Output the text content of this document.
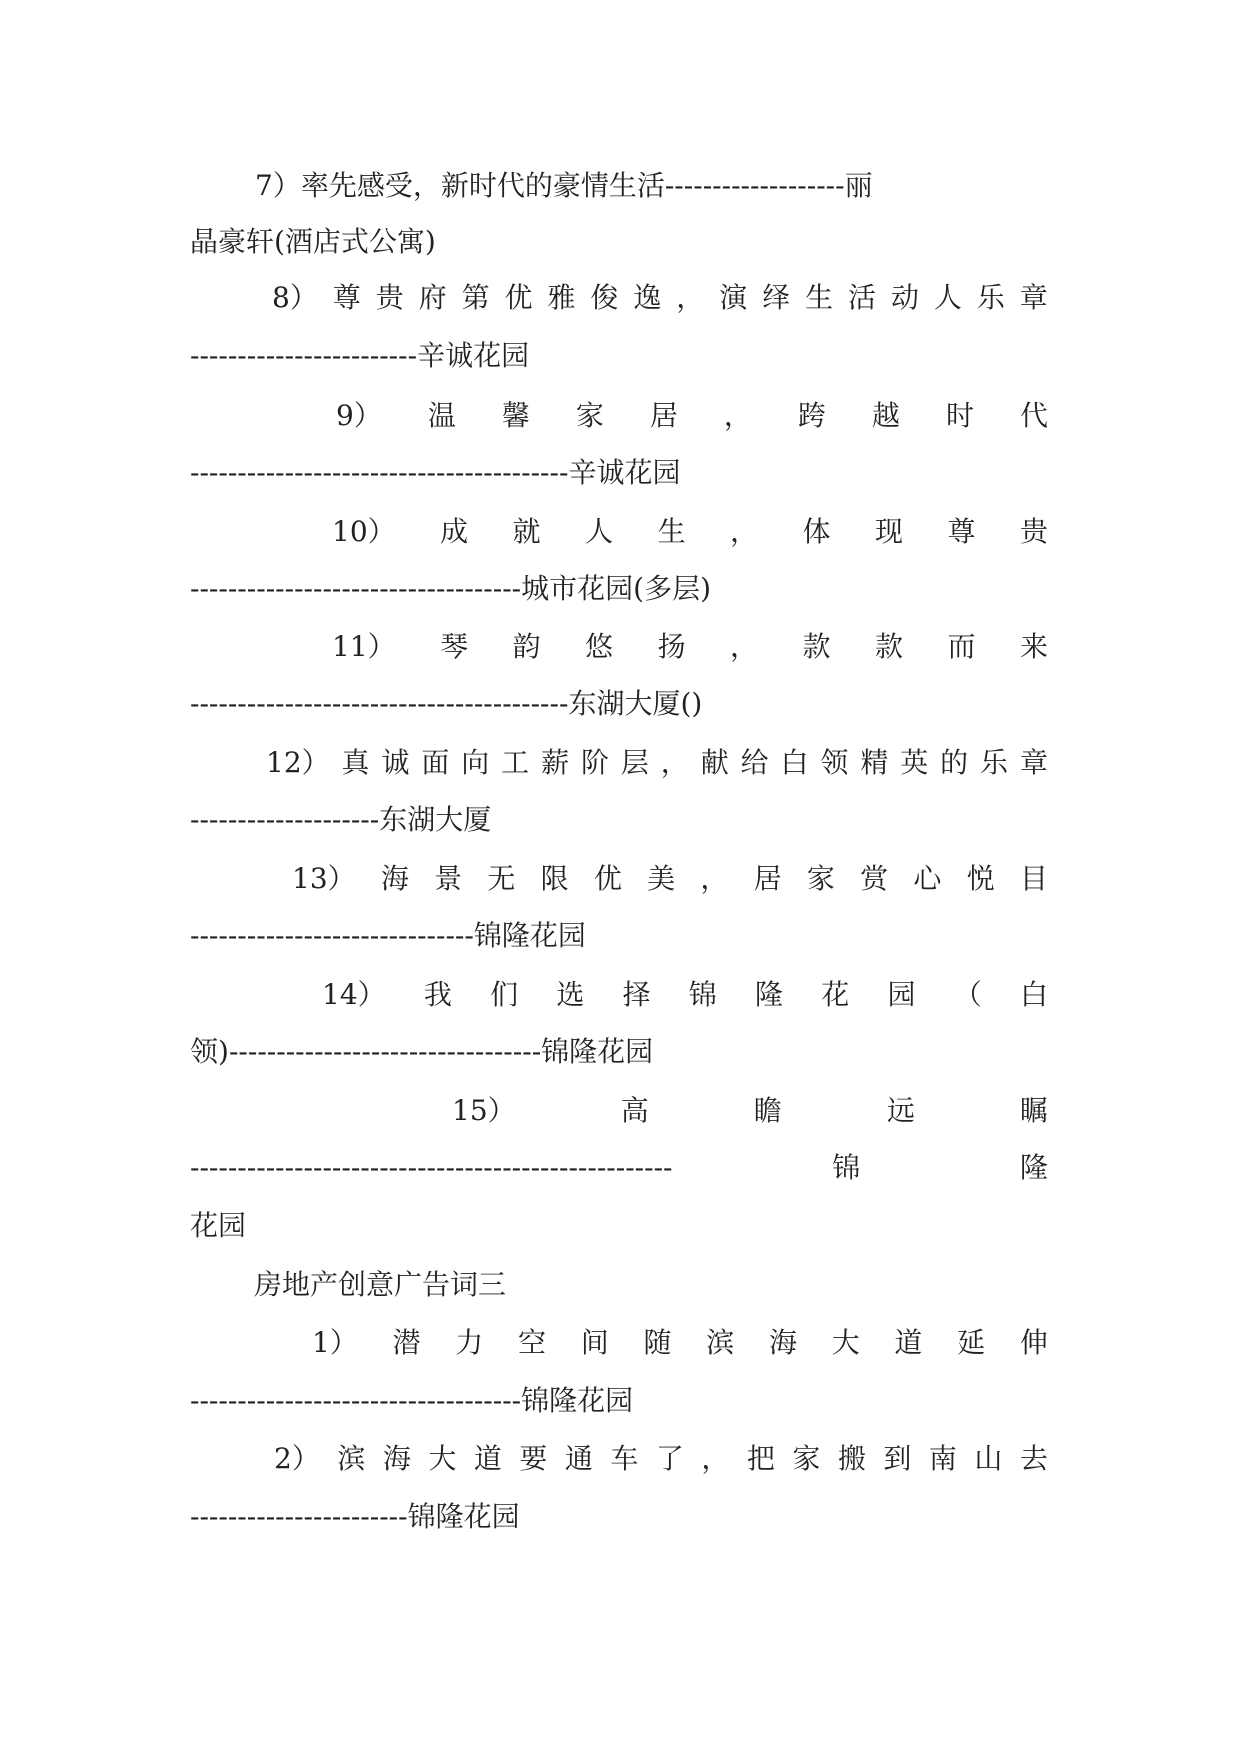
7）率先感受，新时代的豪情生活-------------------丽
晶豪轩(酒店式公寓)
8） 尊 贵 府 第 优 雅 俊 逸 ， 演 绎 生 活 动 人 乐 章
------------------------辛诚花园
9） 温 馨 家 居 ， 跨 越 时 代
----------------------------------------辛诚花园
10） 成 就 人 生 ， 体 现 尊 贵
-----------------------------------城市花园(多层)
11） 琴 韵 悠 扬 ， 款 款 而 来
----------------------------------------东湖大厦()
12） 真 诚 面 向 工 薪 阶 层 ， 献 给 白 领 精 英 的 乐 章
--------------------东湖大厦
13） 海 景 无 限 优 美 ， 居 家 赏 心 悦 目
------------------------------锦隆花园
14） 我 们 选 择 锦 隆 花 园 （ 白
领)---------------------------------锦隆花园
15）	高	瞻	远	瞩
---------------------------------------------------	锦	隆
花园
房地产创意广告词三
1） 潜 力 空 间 随 滨 海 大 道 延 伸
-----------------------------------锦隆花园
2） 滨 海 大 道 要 通 车 了 ， 把 家 搬 到 南 山 去
-----------------------锦隆花园
